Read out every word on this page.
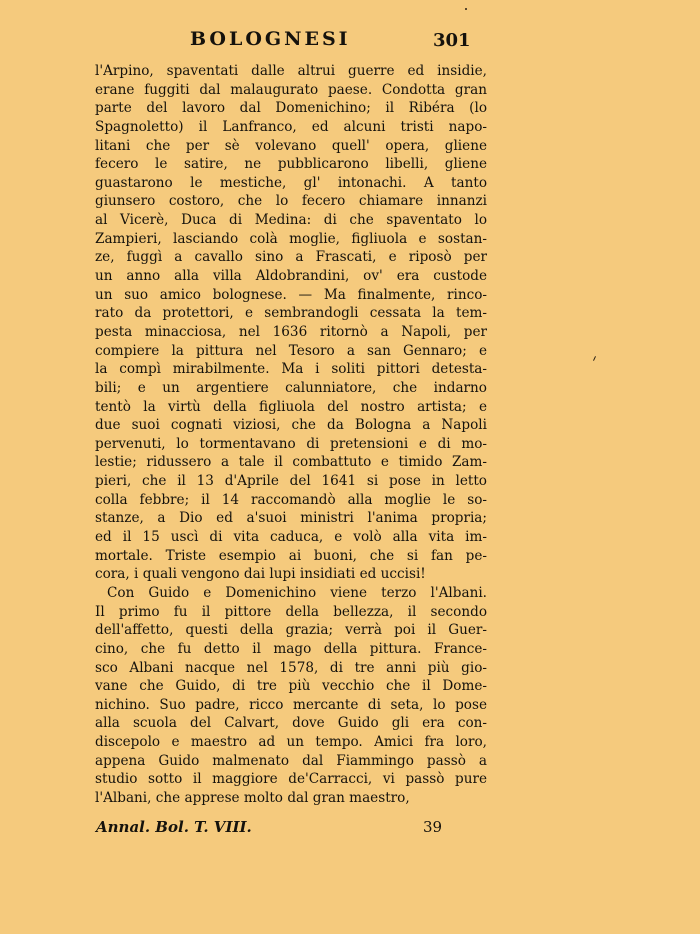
BOLOGNESI	301
l'Arpino, spaventati dalle altrui guerre ed insidie,
erane fuggiti dal malaugurato paese. Condotta gran
parte del lavoro dal Domenichino; il Ribéra (lo
Spagnoletto) il Lanfranco, ed alcuni tristi napo-
litani che per sè volevano quell' opera, gliene
fecero le satire, ne pubblicarono libelli, gliene
guastarono le mestiche, gl' intonachi. A tanto
giunsero costoro, che lo fecero chiamare innanzi
al Vicerè, Duca di Medina: di che spaventato lo
Zampieri, lasciando colà moglie, figliuola e sostan-
ze, fuggì a cavallo sino a Frascati, e riposò per
un anno alla villa Aldobrandini, ov' era custode
un suo amico bolognese. — Ma finalmente, rinco-
rato da protettori, e sembrandogli cessata la tem-
pesta minacciosa, nel 1636 ritornò a Napoli, per
compiere la pittura nel Tesoro a san Gennaro; e
la compì mirabilmente. Ma i soliti pittori detesta-
bili; e un argentiere calunniatore, che indarno
tentò la virtù della figliuola del nostro artista; e
due suoi cognati viziosi, che da Bologna a Napoli
pervenuti, lo tormentavano di pretensioni e di mo-
lestie; ridussero a tale il combattuto e timido Zam-
pieri, che il 13 d'Aprile del 1641 si pose in letto
colla febbre; il 14 raccomandò alla moglie le so-
stanze, a Dio ed a'suoi ministri l'anima propria;
ed il 15 uscì di vita caduca, e volò alla vita im-
mortale. Triste esempio ai buoni, che si fan pe-
cora, i quali vengono dai lupi insidiati ed uccisi!
Con Guido e Domenichino viene terzo l'Albani.
Il primo fu il pittore della bellezza, il secondo
dell'affetto, questi della grazia; verrà poi il Guer-
cino, che fu detto il mago della pittura. France-
sco Albani nacque nel 1578, di tre anni più gio-
vane che Guido, di tre più vecchio che il Dome-
nichino. Suo padre, ricco mercante di seta, lo pose
alla scuola del Calvart, dove Guido gli era con-
discepolo e maestro ad un tempo. Amici fra loro,
appena Guido malmenato dal Fiammingo passò a
studio sotto il maggiore de'Carracci, vi passò pure
l'Albani, che apprese molto dal gran maestro,
Annal. Bol. T. VIII.	39
